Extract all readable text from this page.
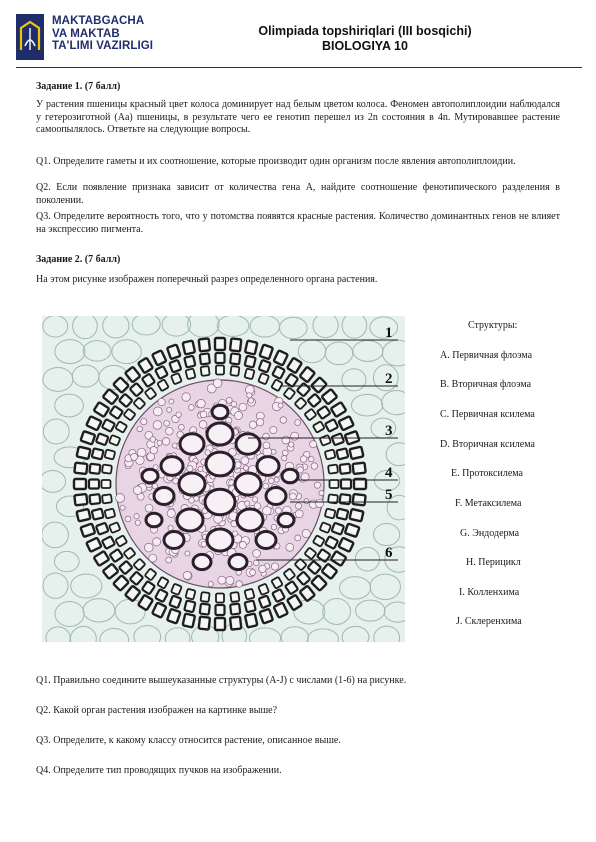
MAKTABGACHA
VA MAKTAB
TA'LIMI VAZIRLIGI
Olimpiada topshiriqlari (III bosqichi)
BIOLOGIYA 10
Задание 1. (7 балл)

У растения пшеницы красный цвет колоса доминирует над белым цветом колоса. Феномен автополиплоидии наблюдался у гетерозиготной (Aa) пшеницы, в результате чего ее генотип перешел из 2n состояния в 4n. Мутировавшее растение самоопылялось. Ответьте на следующие вопросы.

Q1. Определите гаметы и их соотношение, которые производит один организм после явления автополиплоидии.

Q2. Если появление признака зависит от количества гена A, найдите соотношение фенотипического разделения в поколении.

Q3. Определите вероятность того, что у потомства появятся красные растения. Количество доминантных генов не влияет на экспрессию пигмента.

Задание 2. (7 балл)

На этом рисунке изображен поперечный разрез определенного органа растения.

1
2
3
4
5
6
Структуры:
A. Первичная флоэма
B. Вторичная флоэма
C. Первичная ксилема
D. Вторичная ксилема
E. Протоксилема
F. Метаксилема
G. Эндодерма
H. Перицикл
I. Колленхима
J. Склеренхима
Q1. Правильно соедините вышеуказанные структуры (A-J) с числами (1-6) на рисунке.
Q2. Какой орган растения изображен на картинке выше?
Q3. Определите, к какому классу относится растение, описанное выше.
Q4. Определите тип проводящих пучков на изображении.
